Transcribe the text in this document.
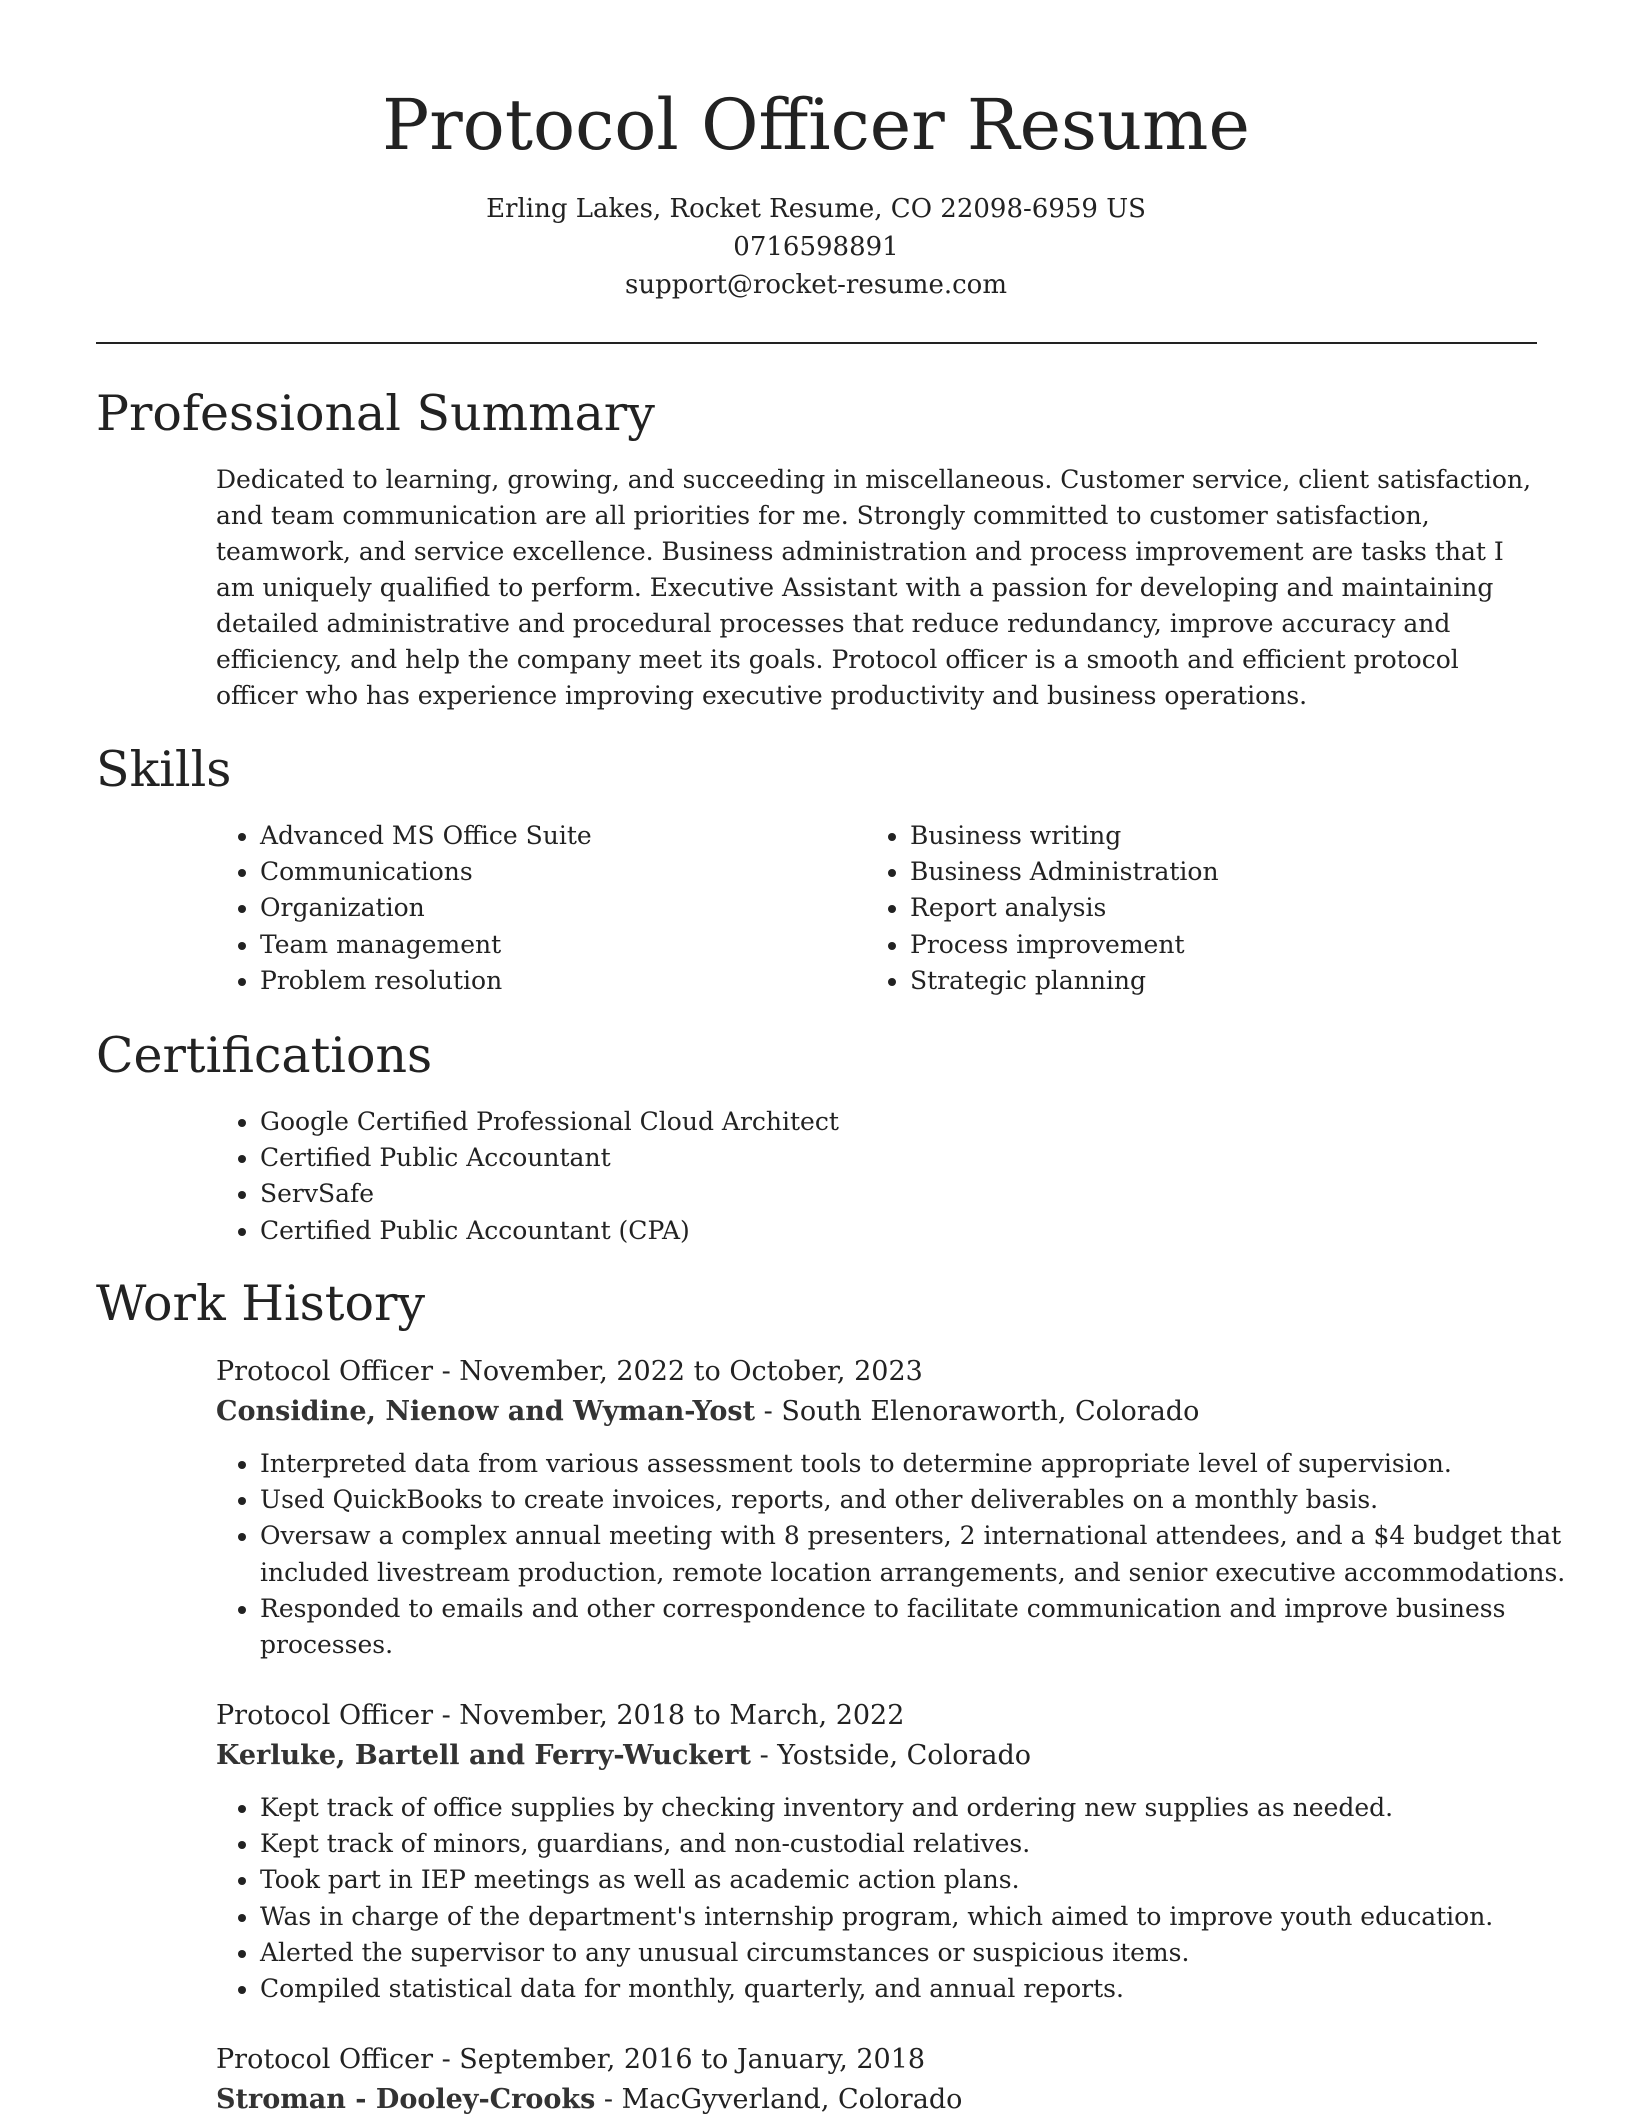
Protocol Officer Resume
Erling Lakes, Rocket Resume, CO 22098-6959 US
0716598891
support@rocket-resume.com
Professional Summary
Dedicated to learning, growing, and succeeding in miscellaneous. Customer service, client satisfaction, and team communication are all priorities for me. Strongly committed to customer satisfaction, teamwork, and service excellence. Business administration and process improvement are tasks that I am uniquely qualified to perform. Executive Assistant with a passion for developing and maintaining detailed administrative and procedural processes that reduce redundancy, improve accuracy and efficiency, and help the company meet its goals. Protocol officer is a smooth and efficient protocol officer who has experience improving executive productivity and business operations.
Skills
• Advanced MS Office Suite
• Communications
• Organization
• Team management
• Problem resolution
• Business writing
• Business Administration
• Report analysis
• Process improvement
• Strategic planning
Certifications
• Google Certified Professional Cloud Architect
• Certified Public Accountant
• ServSafe
• Certified Public Accountant (CPA)
Work History
Protocol Officer - November, 2022 to October, 2023
Considine, Nienow and Wyman-Yost - South Elenoraworth, Colorado
• Interpreted data from various assessment tools to determine appropriate level of supervision.
• Used QuickBooks to create invoices, reports, and other deliverables on a monthly basis.
• Oversaw a complex annual meeting with 8 presenters, 2 international attendees, and a $4 budget that included livestream production, remote location arrangements, and senior executive accommodations.
• Responded to emails and other correspondence to facilitate communication and improve business processes.
Protocol Officer - November, 2018 to March, 2022
Kerluke, Bartell and Ferry-Wuckert - Yostside, Colorado
• Kept track of office supplies by checking inventory and ordering new supplies as needed.
• Kept track of minors, guardians, and non-custodial relatives.
• Took part in IEP meetings as well as academic action plans.
• Was in charge of the department's internship program, which aimed to improve youth education.
• Alerted the supervisor to any unusual circumstances or suspicious items.
• Compiled statistical data for monthly, quarterly, and annual reports.
Protocol Officer - September, 2016 to January, 2018
Stroman - Dooley-Crooks - MacGyverland, Colorado
